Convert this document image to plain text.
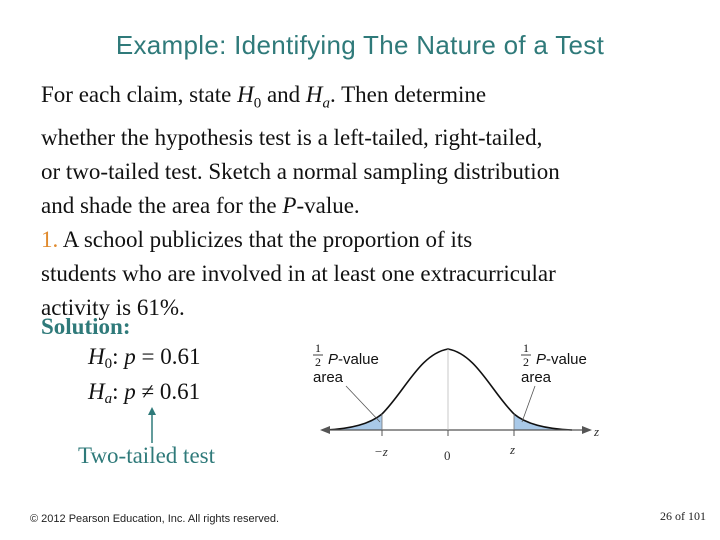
Example: Identifying The Nature of a Test

For each claim, state $H_0$ and $H_a$. Then determine

whether the hypothesis test is a left-tailed, right-tailed,

or two-tailed test. Sketch a normal sampling distribution

and shade the area for the P-value.

1. A school publicizes that the proportion of its

students who are involved in at least one extracurricular

activity is 61%.

Solution:
$H_0$: p = 0.61
$H_a$: p ≠ 0.61
Two-tailed test	−z	0	z
z
1
2 P -value
area
1
2 P -value
area
© 2012 Pearson Education, Inc. All rights reserved.	26 of 101
